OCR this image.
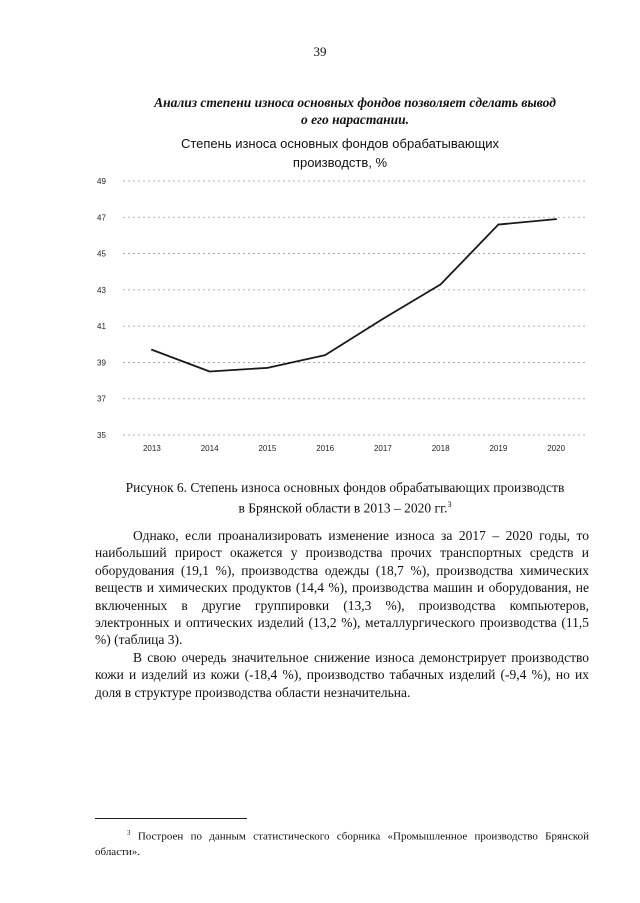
39
Анализ степени износа основных фондов позволяет сделать вывод
о его нарастании.
Степень износа основных фондов обрабатывающих
производств, %
35
37
39
41
43
45
47
49
2013	2014	2015	2016	2017	2018	2019	2020
Рисунок 6. Степень износа основных фондов обрабатывающих производств
в Брянской области в 2013 – 2020 гг.$^3$

Однако, если проанализировать изменение износа за 2017 – 2020 годы, то наибольший прирост окажется у производства прочих транспортных средств и оборудования (19,1 %), производства одежды (18,7 %), производства химических веществ и химических продуктов (14,4 %), производства машин и оборудования, не включенных в другие группировки (13,3 %), производства компьютеров, электронных и оптических изделий (13,2 %), металлургического производства (11,5 %) (таблица 3).

В свою очередь значительное снижение износа демонстрирует производство кожи и изделий из кожи (-18,4 %), производство табачных изделий (-9,4 %), но их доля в структуре производства области незначительна.

$^3$ Построен по данным статистического сборника «Промышленное производство Брянской области».
